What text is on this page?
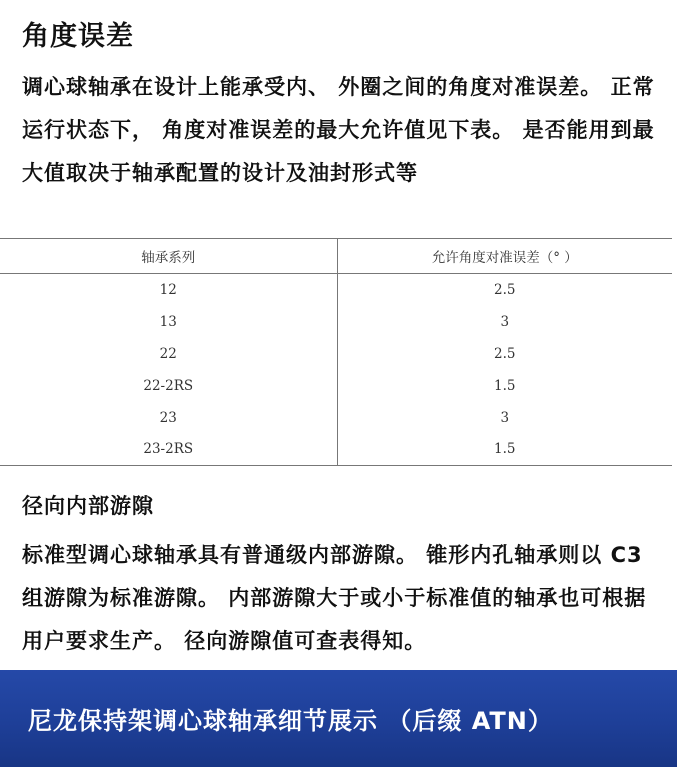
角度误差
调心球轴承在设计上能承受内、 外圈之间的角度对准误差。 正常运行状态下， 角度对准误差的最大允许值见下表。 是否能用到最大值取决于轴承配置的设计及油封形式等
轴承系列	允许角度对准误差（° ）
12	2.5
13	3
22	2.5
22-2RS	1.5
23	3
23-2RS	1.5
径向内部游隙
标准型调心球轴承具有普通级内部游隙。 锥形内孔轴承则以 C3 组游隙为标准游隙。 内部游隙大于或小于标准值的轴承也可根据用户要求生产。 径向游隙值可查表得知。
尼龙保持架调心球轴承细节展示 （后缀 ATN）
